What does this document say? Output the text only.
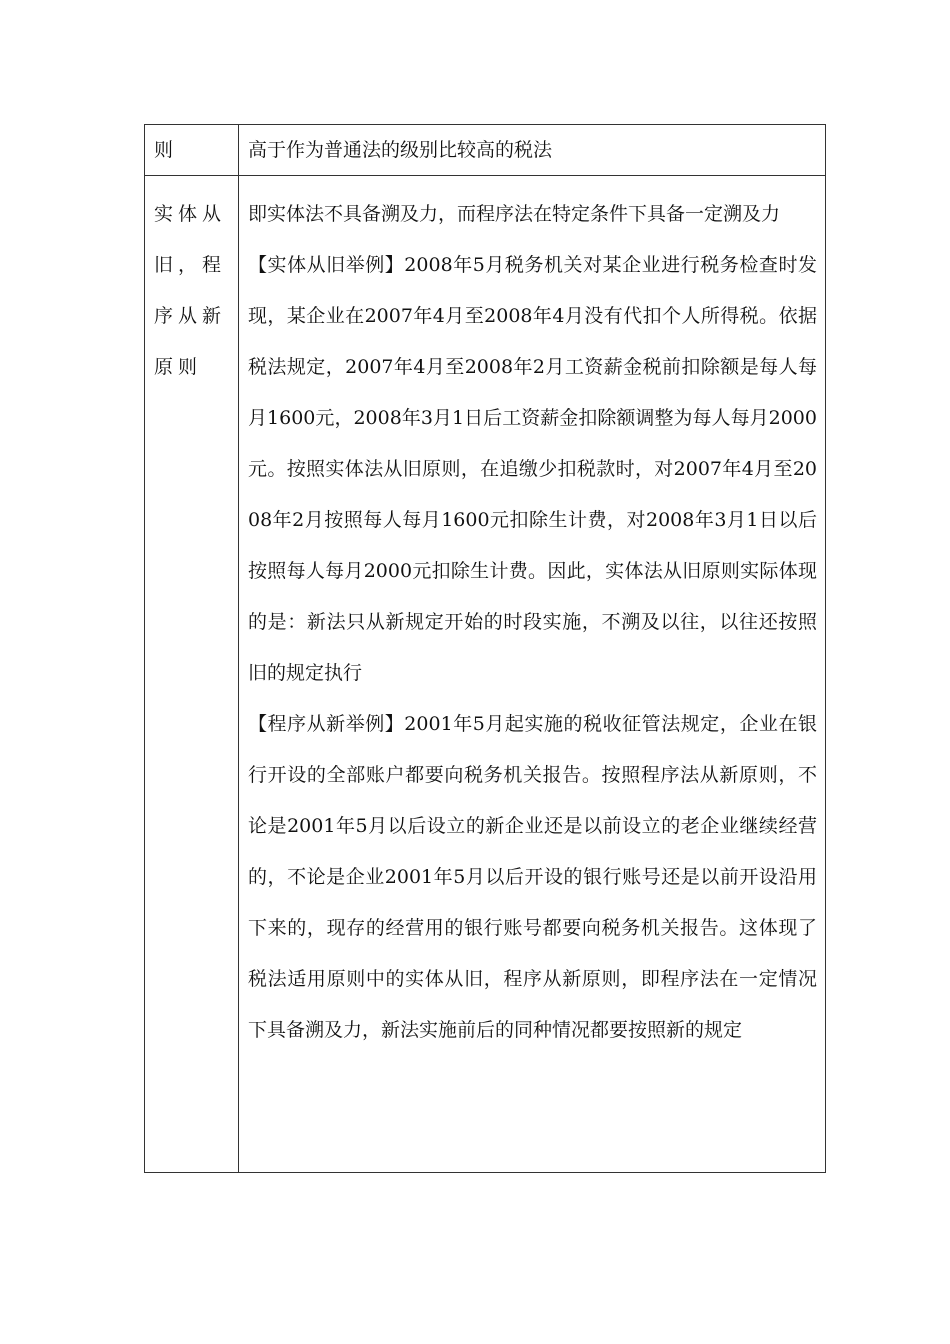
则	高于作为普通法的级别比较高的税法

实体从旧，程序从新原则	即实体法不具备溯及力，而程序法在特定条件下具备一定溯及力

【实体从旧举例】2008年5月税务机关对某企业进行税务检查时发现，某企业在2007年4月至2008年4月没有代扣个人所得税。依据税法规定，2007年4月至2008年2月工资薪金税前扣除额是每人每月1600元，2008年3月1日后工资薪金扣除额调整为每人每月2000元。按照实体法从旧原则，在追缴少扣税款时，对2007年4月至2008年2月按照每人每月1600元扣除生计费，对2008年3月1日以后按照每人每月2000元扣除生计费。因此，实体法从旧原则实际体现的是：新法只从新规定开始的时段实施，不溯及以往，以往还按照旧的规定执行

【程序从新举例】2001年5月起实施的税收征管法规定，企业在银行开设的全部账户都要向税务机关报告。按照程序法从新原则，不论是2001年5月以后设立的新企业还是以前设立的老企业继续经营的，不论是企业2001年5月以后开设的银行账号还是以前开设沿用下来的，现存的经营用的银行账号都要向税务机关报告。这体现了税法适用原则中的实体从旧，程序从新原则，即程序法在一定情况下具备溯及力，新法实施前后的同种情况都要按照新的规定
